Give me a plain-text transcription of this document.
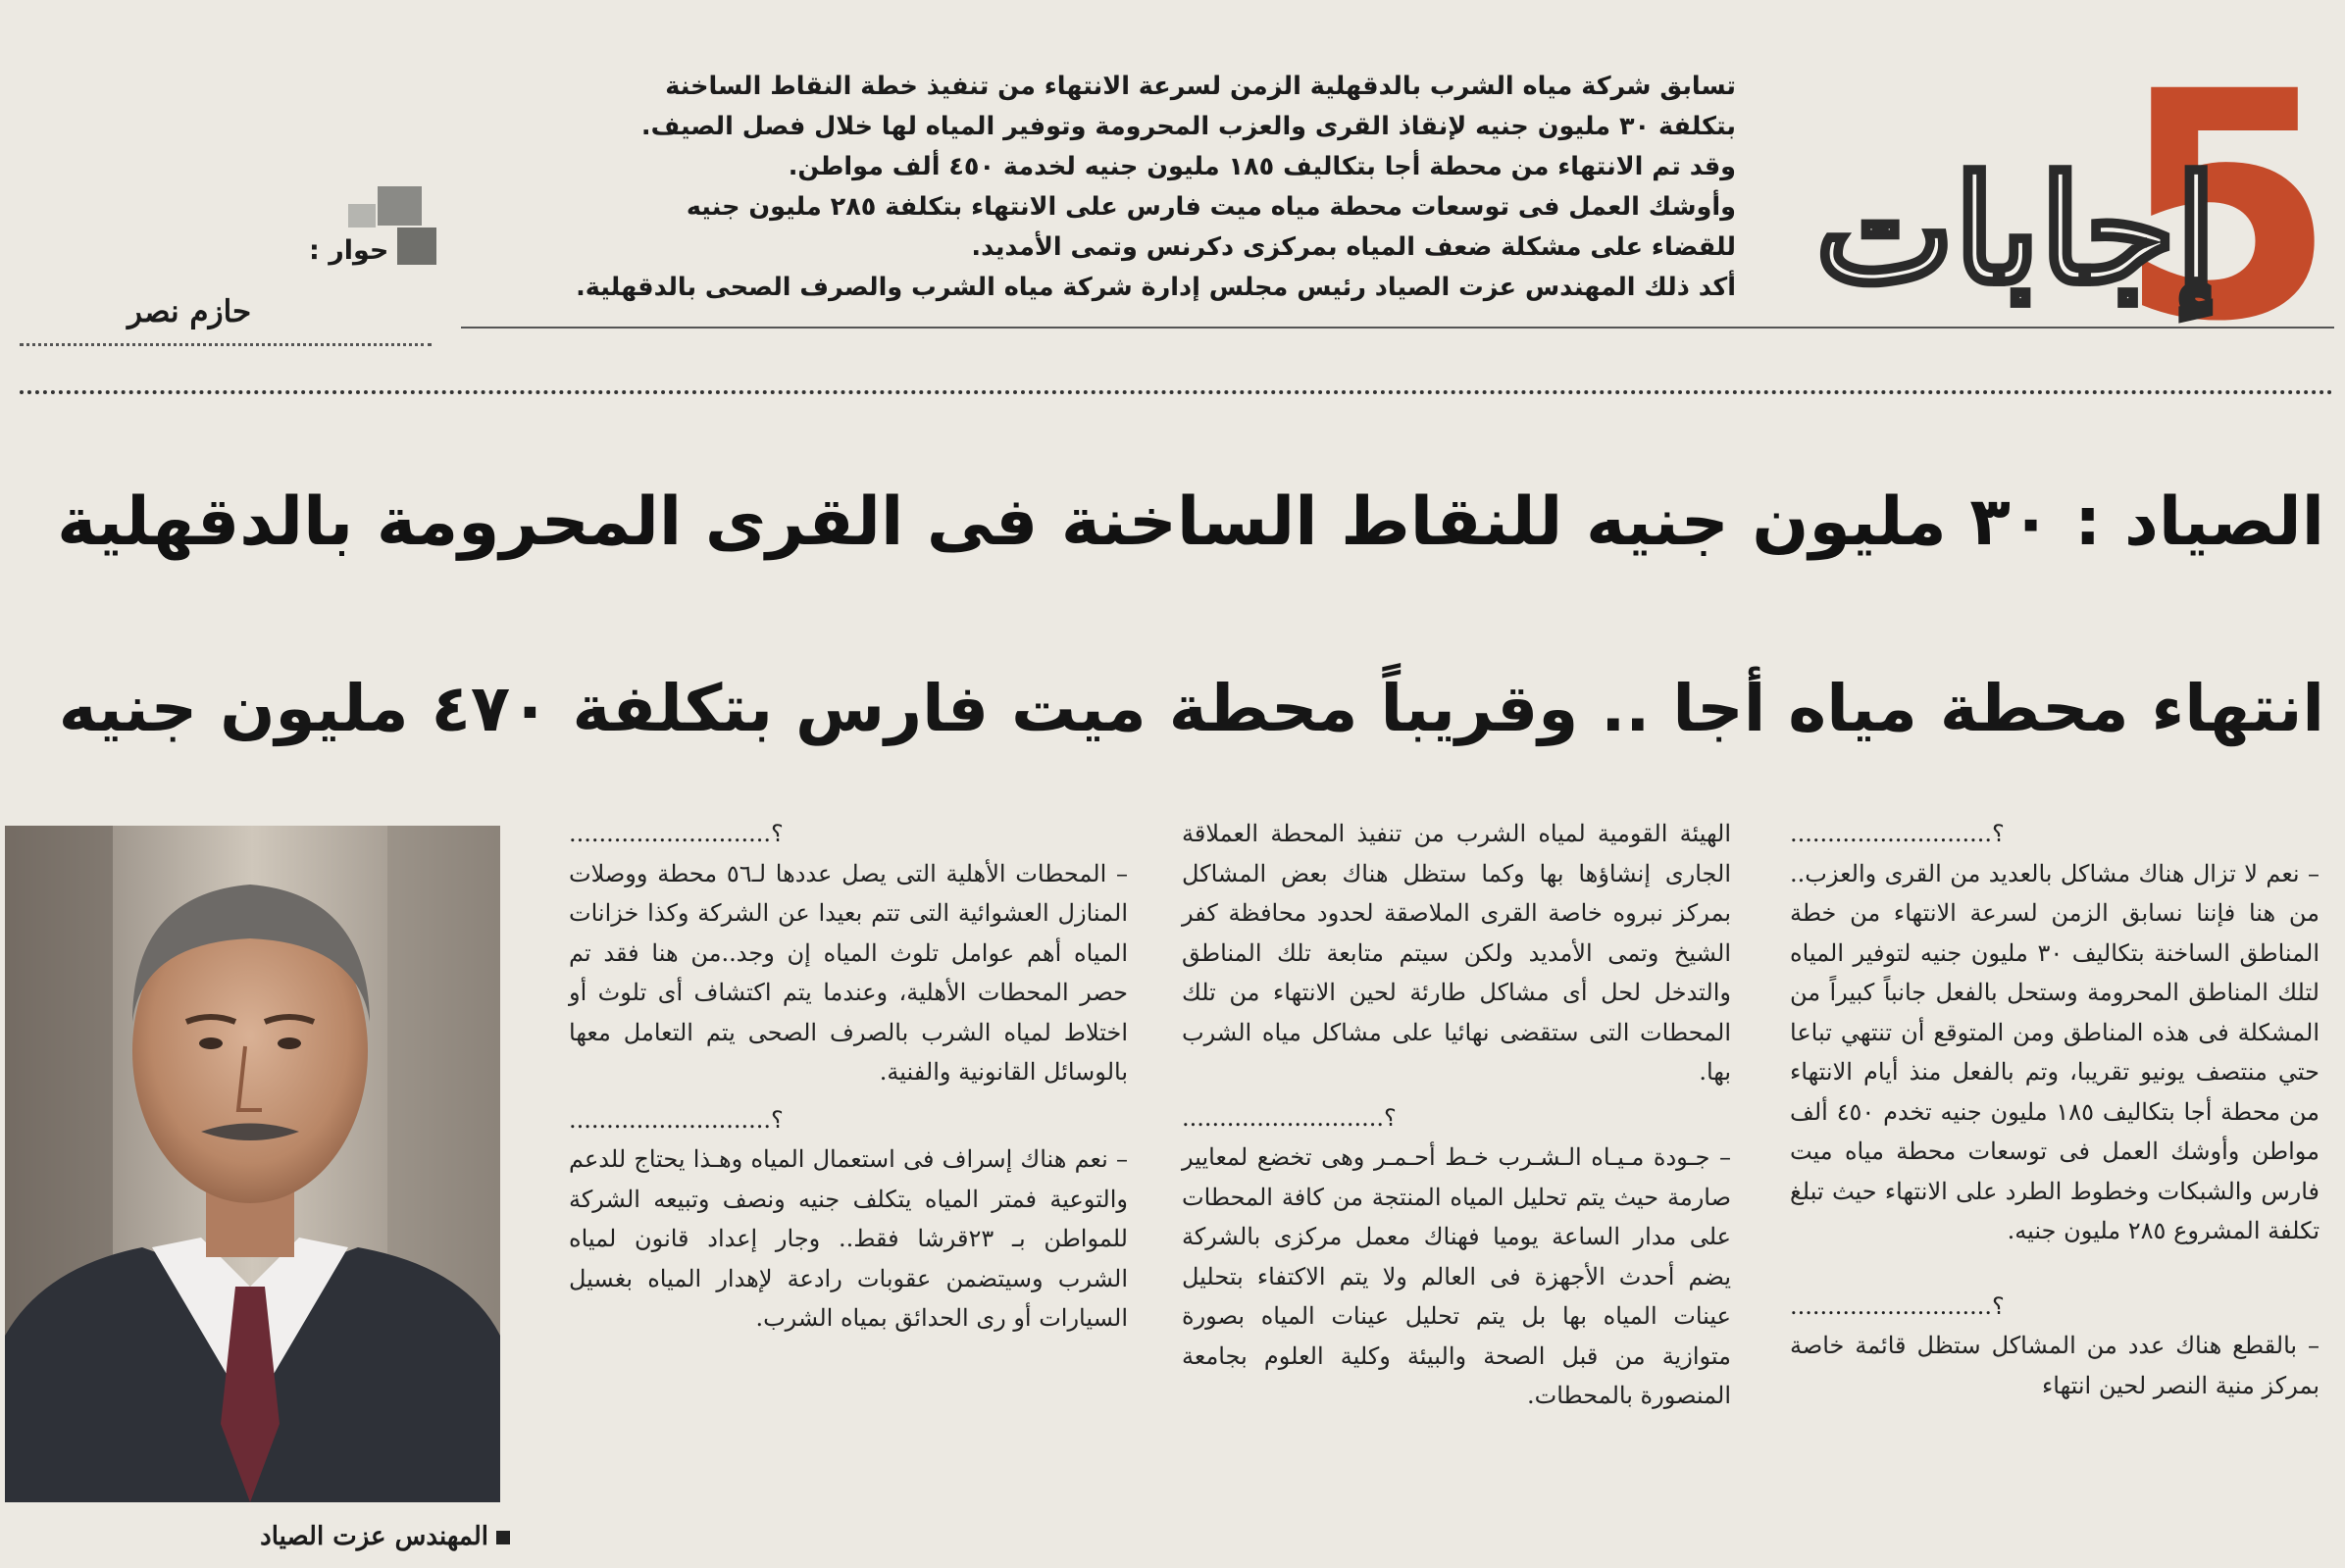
5
إجابات
تسابق شركة مياه الشرب بالدقهلية الزمن لسرعة الانتهاء من تنفيذ خطة النقاط الساخنة
بتكلفة ٣٠ مليون جنيه لإنقاذ القرى والعزب المحرومة وتوفير المياه لها خلال فصل الصيف.
وقد تم الانتهاء من محطة أجا بتكاليف ١٨٥ مليون جنيه لخدمة ٤٥٠ ألف مواطن.
وأوشك العمل فى توسعات محطة مياه ميت فارس على الانتهاء بتكلفة ٢٨٥ مليون جنيه
للقضاء على مشكلة ضعف المياه بمركزى دكرنس وتمى الأمديد.
أكد ذلك المهندس عزت الصياد رئيس مجلس إدارة شركة مياه الشرب والصرف الصحى بالدقهلية.
حوار :
حازم نصر
الصياد : ٣٠ مليون جنيه للنقاط الساخنة فى القرى المحرومة بالدقهلية
انتهاء محطة مياه أجا .. وقريباً محطة ميت فارس بتكلفة ٤٧٠ مليون جنيه

؟...........................

– نعم لا تزال هناك مشاكل بالعديد من القرى والعزب.. من هنا فإننا نسابق الزمن لسرعة الانتهاء من خطة المناطق الساخنة بتكاليف ٣٠ مليون جنيه لتوفير المياه لتلك المناطق المحرومة وستحل بالفعل جانباً كبيراً من المشكلة فى هذه المناطق ومن المتوقع أن تنتهي تباعا حتي منتصف يونيو تقريبا، وتم بالفعل منذ أيام الانتهاء من محطة أجا بتكاليف ١٨٥ مليون جنيه تخدم ٤٥٠ ألف مواطن وأوشك العمل فى توسعات محطة مياه ميت فارس والشبكات وخطوط الطرد على الانتهاء حيث تبلغ تكلفة المشروع ٢٨٥ مليون جنيه.

؟...........................

– بالقطع هناك عدد من المشاكل ستظل قائمة خاصة بمركز منية النصر لحين انتهاء

الهيئة القومية لمياه الشرب من تنفيذ المحطة العملاقة الجارى إنشاؤها بها وكما ستظل هناك بعض المشاكل بمركز نبروه خاصة القرى الملاصقة لحدود محافظة كفر الشيخ وتمى الأمديد ولكن سيتم متابعة تلك المناطق والتدخل لحل أى مشاكل طارئة لحين الانتهاء من تلك المحطات التى ستقضى نهائيا على مشاكل مياه الشرب بها.

؟...........................

– جـودة مـيـاه الـشـرب خـط أحـمـر وهى تخضع لمعايير صارمة حيث يتم تحليل المياه المنتجة من كافة المحطات على مدار الساعة يوميا فهناك معمل مركزى بالشركة يضم أحدث الأجهزة فى العالم ولا يتم الاكتفاء بتحليل عينات المياه بها بل يتم تحليل عينات المياه بصورة متوازية من قبل الصحة والبيئة وكلية العلوم بجامعة المنصورة بالمحطات.

؟...........................

– المحطات الأهلية التى يصل عددها لـ٥٦ محطة ووصلات المنازل العشوائية التى تتم بعيدا عن الشركة وكذا خزانات المياه أهم عوامل تلوث المياه إن وجد..من هنا فقد تم حصر المحطات الأهلية، وعندما يتم اكتشاف أى تلوث أو اختلاط لمياه الشرب بالصرف الصحى يتم التعامل معها بالوسائل القانونية والفنية.

؟...........................

– نعم هناك إسراف فى استعمال المياه وهـذا يحتاج للدعم والتوعية فمتر المياه يتكلف جنيه ونصف وتبيعه الشركة للمواطن بـ ٢٣قرشا فقط.. وجار إعداد قانون لمياه الشرب وسيتضمن عقوبات رادعة لإهدار المياه بغسيل السيارات أو رى الحدائق بمياه الشرب.

المهندس عزت الصياد
